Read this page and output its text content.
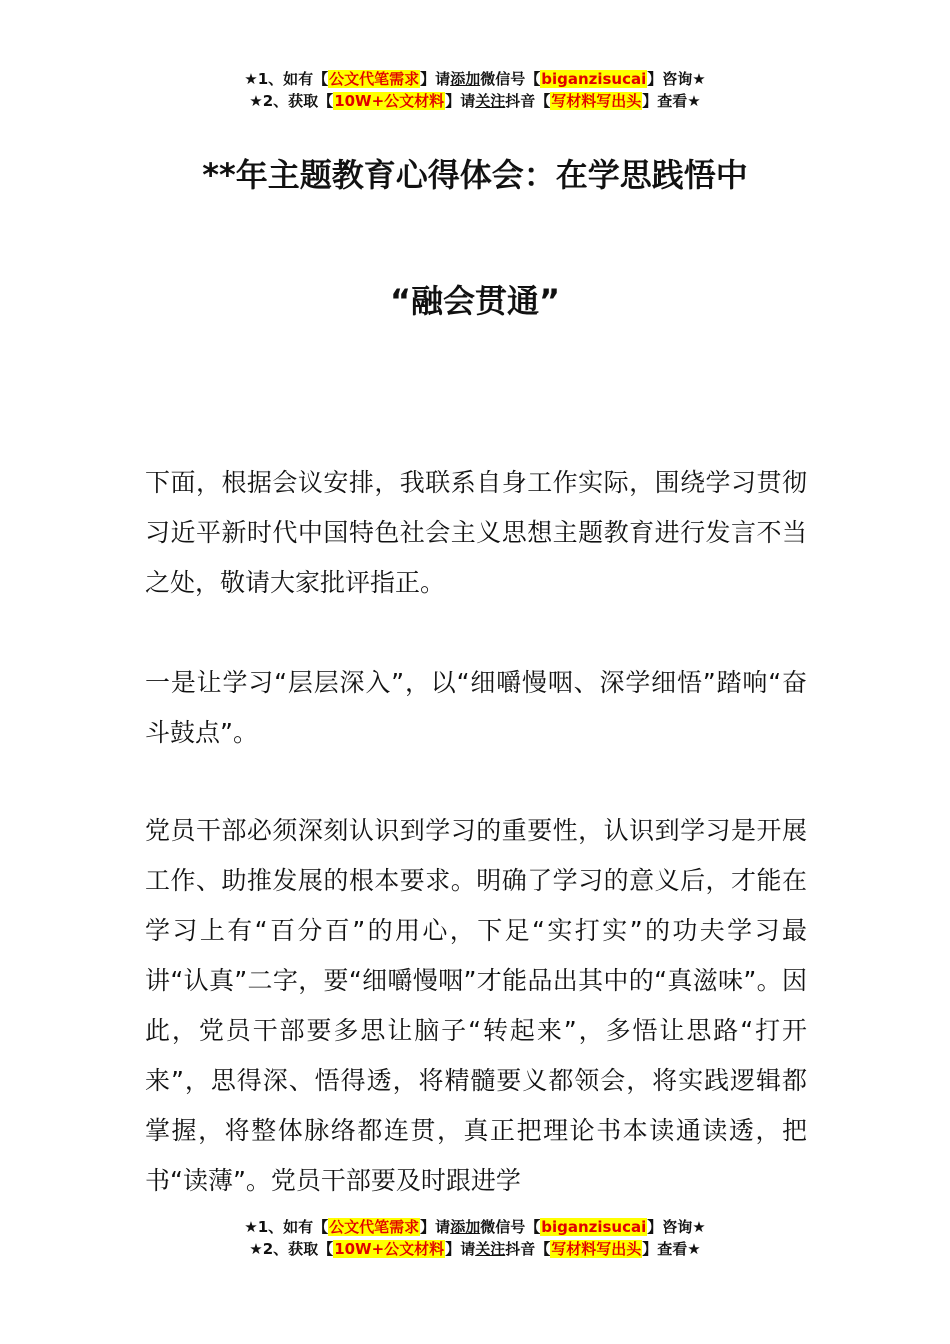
★1、如有【公文代笔需求】请添加微信号【biganzisucai】咨询★
★2、获取【10W+公文材料】请关注抖音【写材料写出头】查看★
**年主题教育心得体会：在学思践悟中
“融会贯通”

下面，根据会议安排，我联系自身工作实际，围绕学习贯彻习近平新时代中国特色社会主义思想主题教育进行发言不当之处，敬请大家批评指正。

一是让学习“层层深入”，以“细嚼慢咽、深学细悟”踏响“奋斗鼓点”。

党员干部必须深刻认识到学习的重要性，认识到学习是开展工作、助推发展的根本要求。明确了学习的意义后，才能在学习上有“百分百”的用心，下足“实打实”的功夫学习最讲“认真”二字，要“细嚼慢咽”才能品出其中的“真滋味”。因此，党员干部要多思让脑子“转起来”，多悟让思路“打开来”，思得深、悟得透，将精髓要义都领会，将实践逻辑都掌握，将整体脉络都连贯，真正把理论书本读通读透，把书“读薄”。党员干部要及时跟进学

★1、如有【公文代笔需求】请添加微信号【biganzisucai】咨询★
★2、获取【10W+公文材料】请关注抖音【写材料写出头】查看★
